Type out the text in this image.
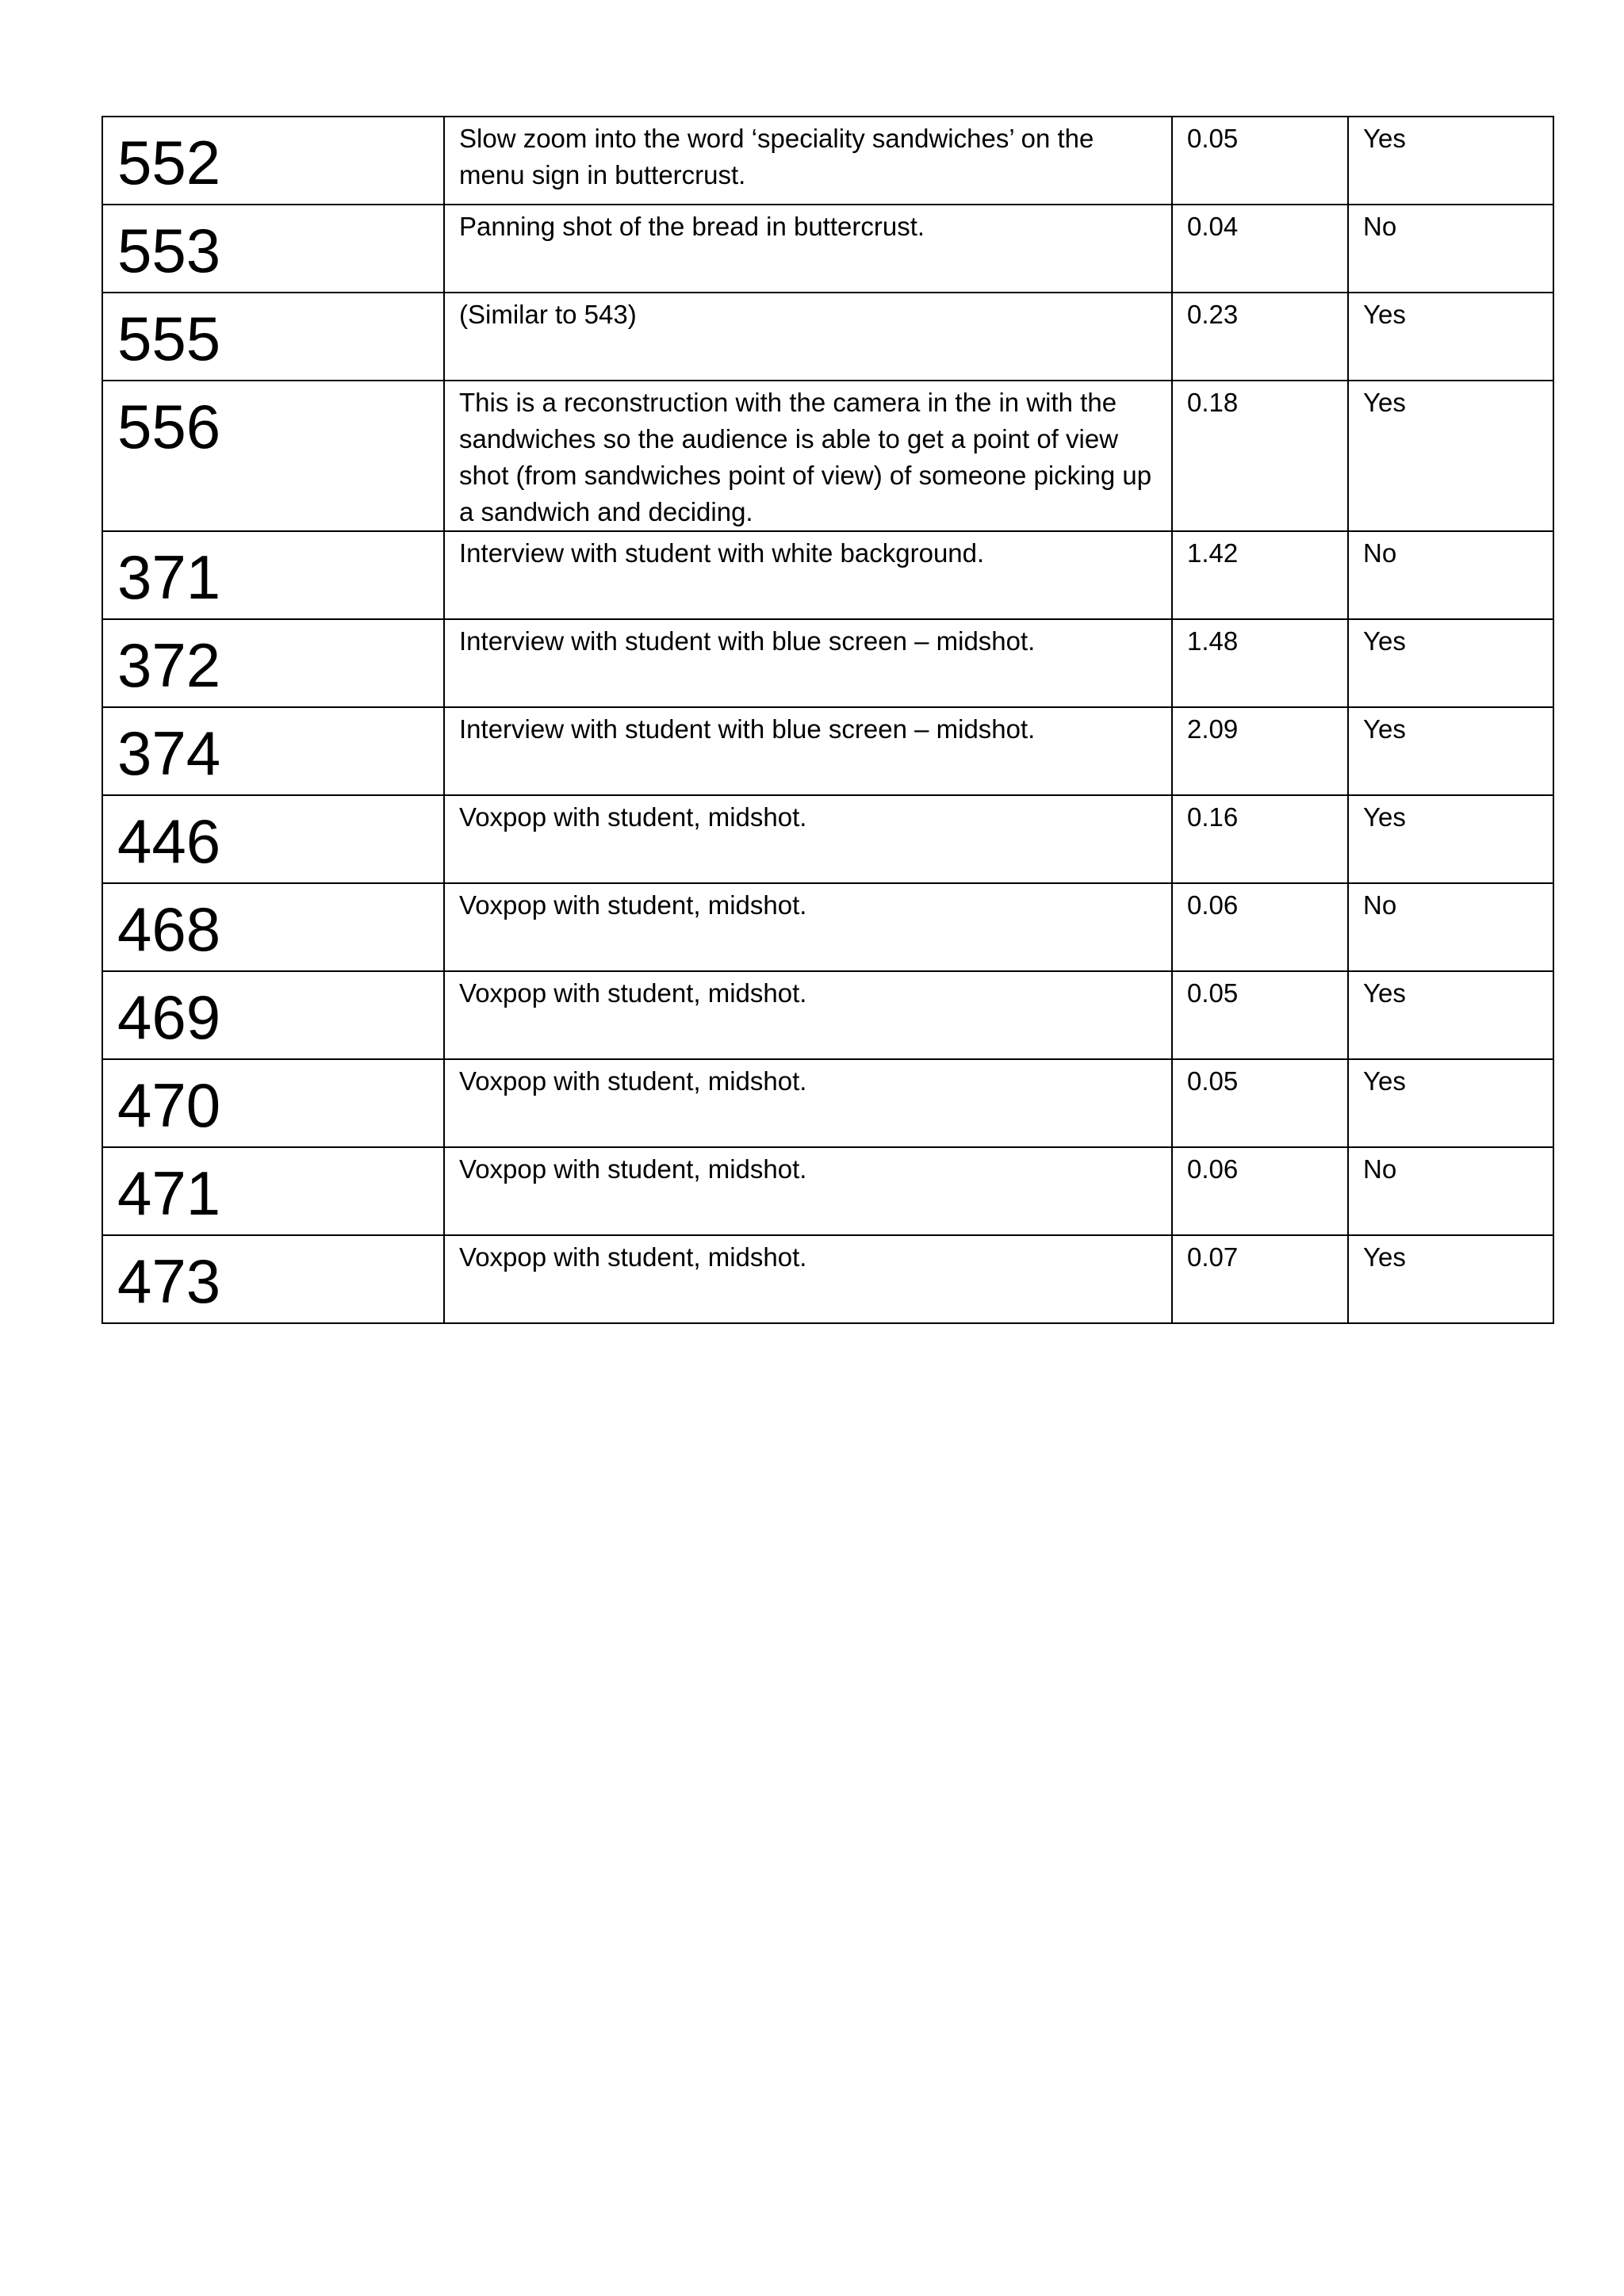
552	Slow zoom into the word ‘speciality sandwiches’ on the menu sign in buttercrust.	0.05	Yes

553	Panning shot of the bread in buttercrust.	0.04	No

555	(Similar to 543)	0.23	Yes

556	This is a reconstruction with the camera in the in with the sandwiches so the audience is able to get a point of view shot (from sandwiches point of view) of someone picking up a sandwich and deciding.	0.18	Yes

371	Interview with student with white background.	1.42	No

372	Interview with student with blue screen – midshot.	1.48	Yes

374	Interview with student with blue screen – midshot.	2.09	Yes

446	Voxpop with student, midshot.	0.16	Yes

468	Voxpop with student, midshot.	0.06	No

469	Voxpop with student, midshot.	0.05	Yes

470	Voxpop with student, midshot.	0.05	Yes

471	Voxpop with student, midshot.	0.06	No

473	Voxpop with student, midshot.	0.07	Yes
